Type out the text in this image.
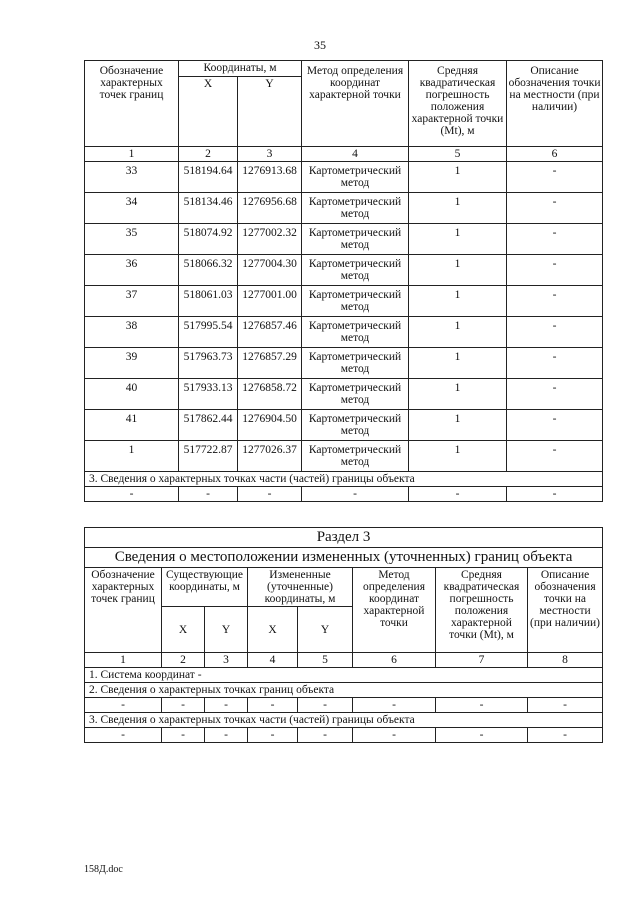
35
Обозначение характерных точек границ	Координаты, м		Метод определения координат характерной точки	Средняя квадратическая погрешность положения характерной точки (Mt), м	Описание обозначения точки на местности (при наличии)
	X	Y			
1	2	3	4	5	6
33	518194.64	1276913.68	Картометрический метод	1	-
34	518134.46	1276956.68	Картометрический метод	1	-
35	518074.92	1277002.32	Картометрический метод	1	-
36	518066.32	1277004.30	Картометрический метод	1	-
37	518061.03	1277001.00	Картометрический метод	1	-
38	517995.54	1276857.46	Картометрический метод	1	-
39	517963.73	1276857.29	Картометрический метод	1	-
40	517933.13	1276858.72	Картометрический метод	1	-
41	517862.44	1276904.50	Картометрический метод	1	-
1	517722.87	1277026.37	Картометрический метод	1	-
3. Сведения о характерных точках части (частей) границы объекта					
-	-	-	-	-	-
Раздел 3							
Сведения о местоположении измененных (уточненных) границ объекта							
Обозначение характерных точек границ	Существующие координаты, м		Измененные (уточненные) координаты, м		Метод определения координат характерной точки	Средняя квадратическая погрешность положения характерной точки (Mt), м	Описание обозначения точки на местности (при наличии)
	X	Y	X	Y			
1	2	3	4	5	6	7	8
1. Система координат -							
2. Сведения о характерных точках границ объекта							
-	-	-	-	-	-	-	-
3. Сведения о характерных точках части (частей) границы объекта							
-	-	-	-	-	-	-	-
158Д.doc
